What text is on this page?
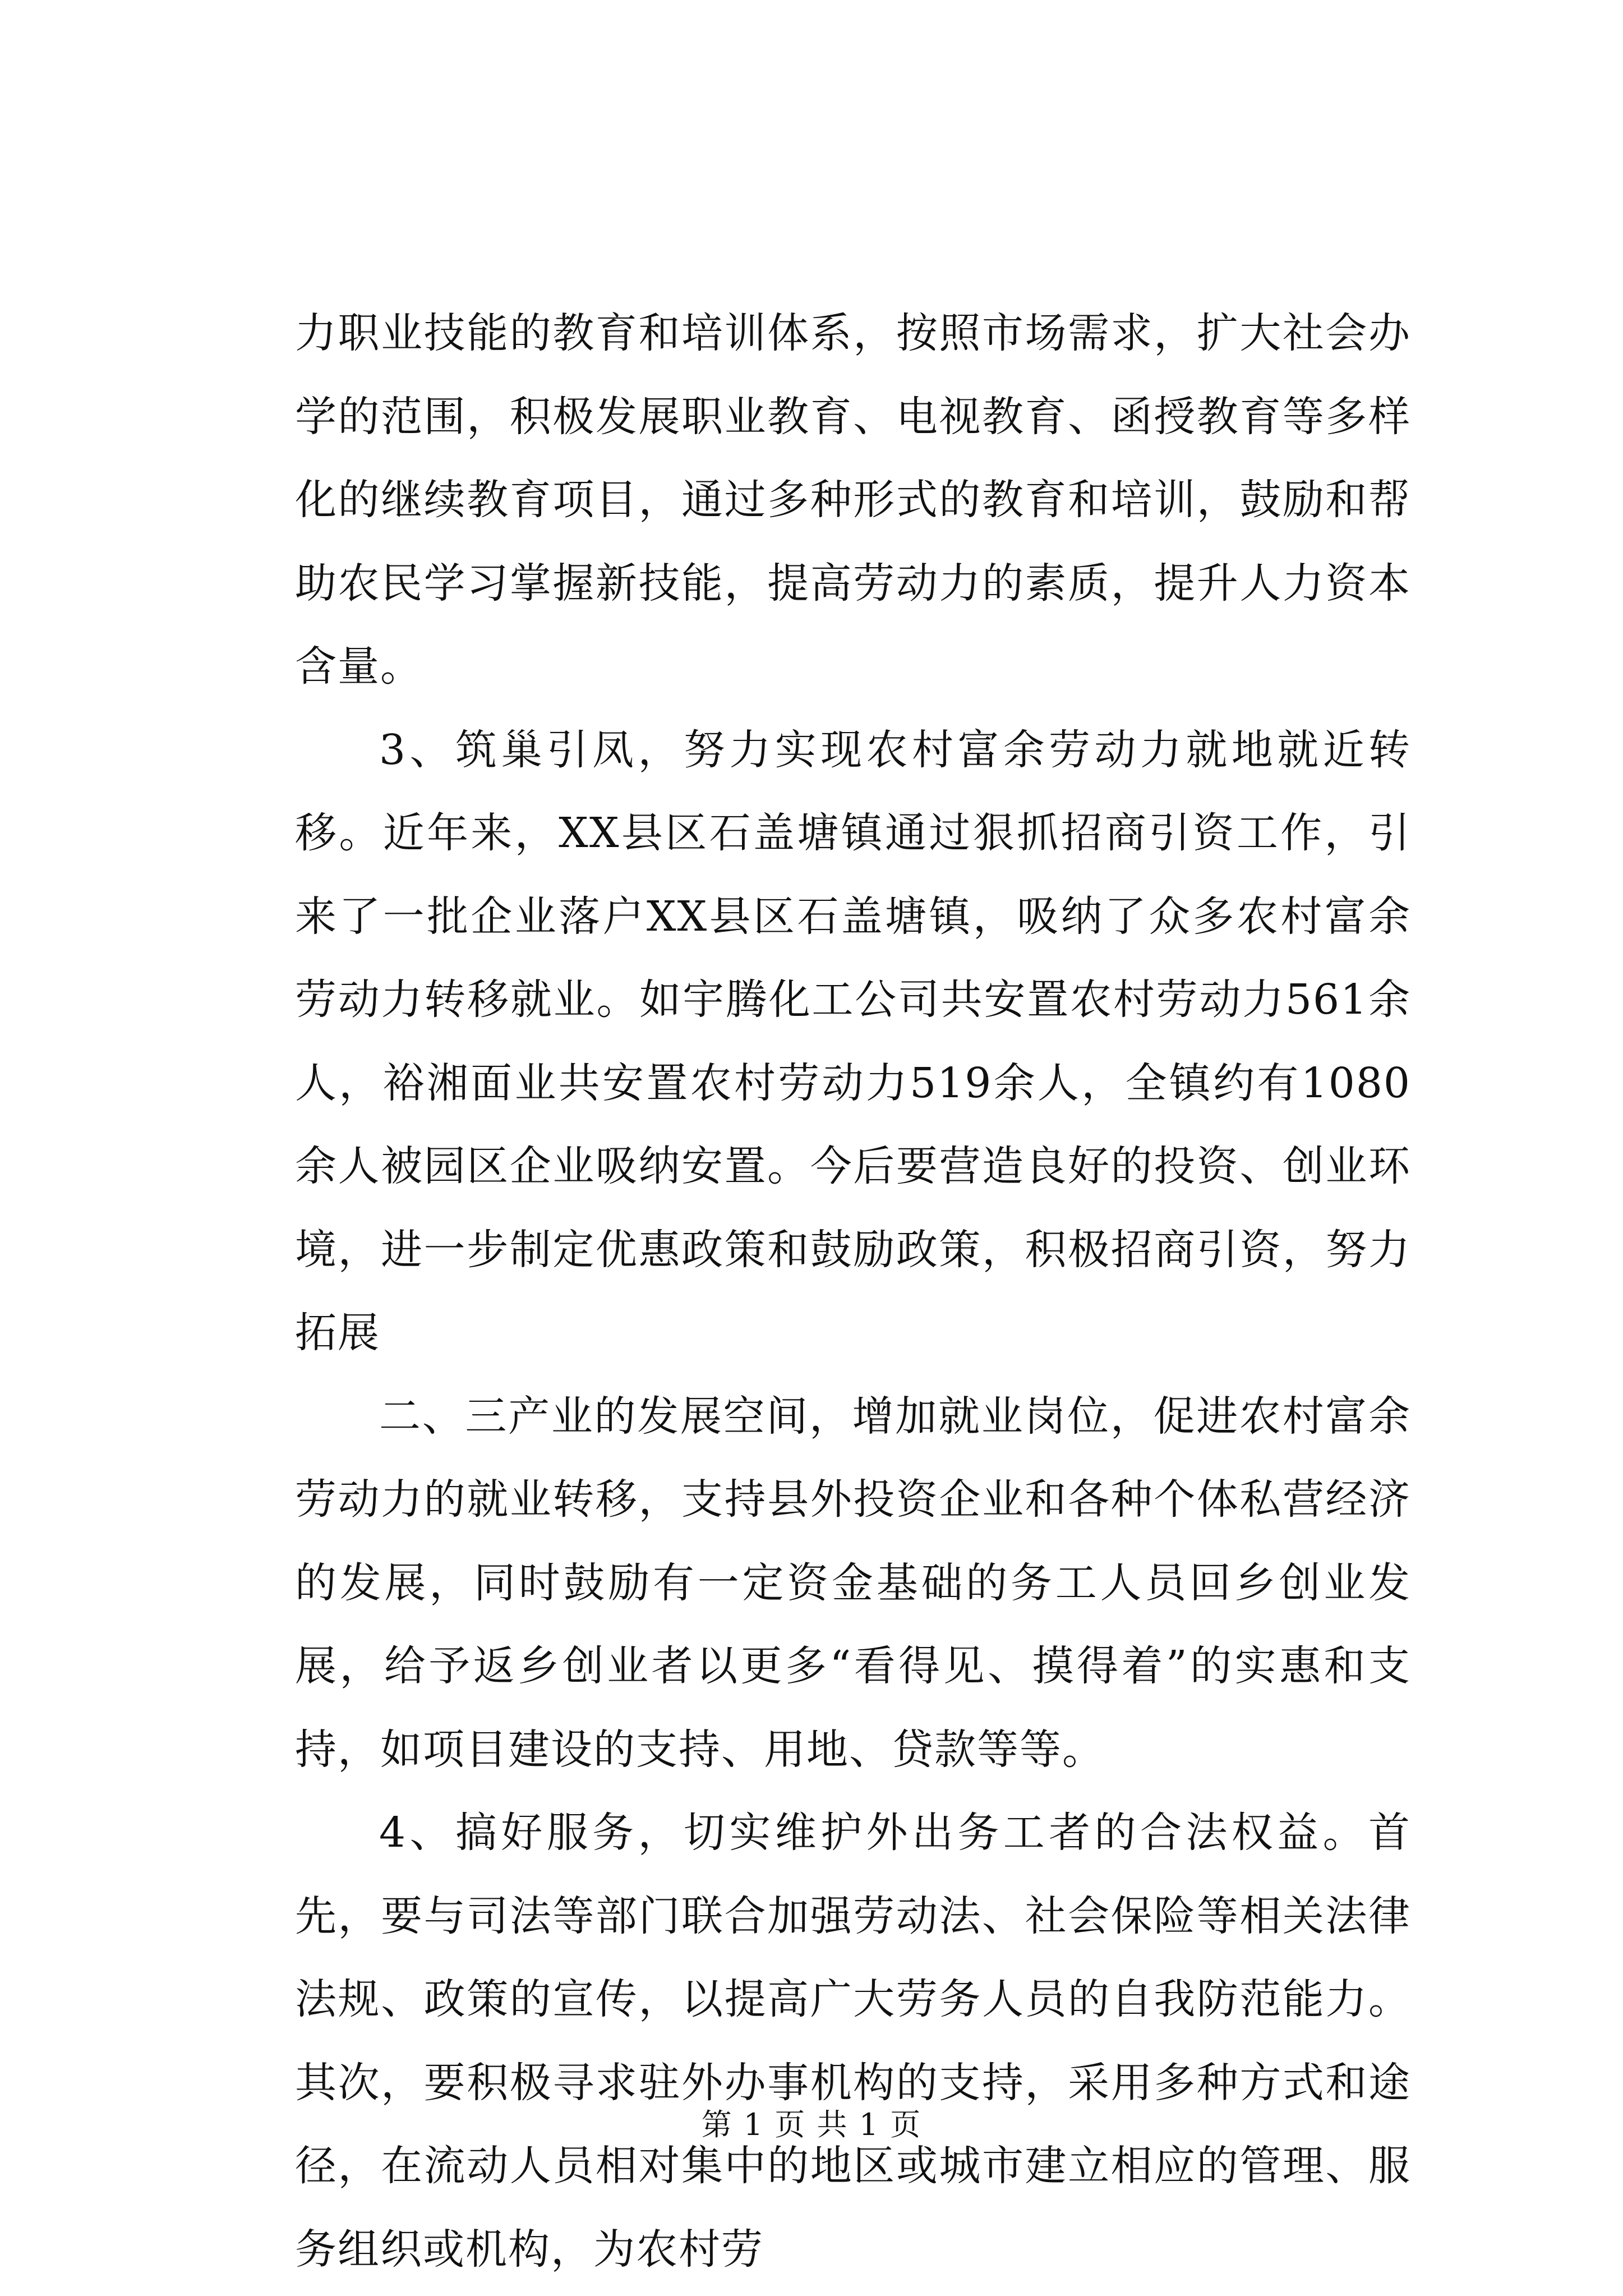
力职业技能的教育和培训体系，按照市场需求，扩大社会办学的范围，积极发展职业教育、电视教育、函授教育等多样化的继续教育项目，通过多种形式的教育和培训，鼓励和帮助农民学习掌握新技能，提高劳动力的素质，提升人力资本含量。

3、筑巢引凤，努力实现农村富余劳动力就地就近转移。近年来，XX县区石盖塘镇通过狠抓招商引资工作，引来了一批企业落户XX县区石盖塘镇，吸纳了众多农村富余劳动力转移就业。如宇腾化工公司共安置农村劳动力561余人，裕湘面业共安置农村劳动力519余人，全镇约有1080余人被园区企业吸纳安置。今后要营造良好的投资、创业环境，进一步制定优惠政策和鼓励政策，积极招商引资，努力拓展

二、三产业的发展空间，增加就业岗位，促进农村富余劳动力的就业转移，支持县外投资企业和各种个体私营经济的发展，同时鼓励有一定资金基础的务工人员回乡创业发展，给予返乡创业者以更多“看得见、摸得着”的实惠和支持，如项目建设的支持、用地、贷款等等。

4、搞好服务，切实维护外出务工者的合法权益。首先，要与司法等部门联合加强劳动法、社会保险等相关法律法规、政策的宣传，以提高广大劳务人员的自我防范能力。其次，要积极寻求驻外办事机构的支持，采用多种方式和途径，在流动人员相对集中的地区或城市建立相应的管理、服务组织或机构，为农村劳

第 1 页 共 1 页
